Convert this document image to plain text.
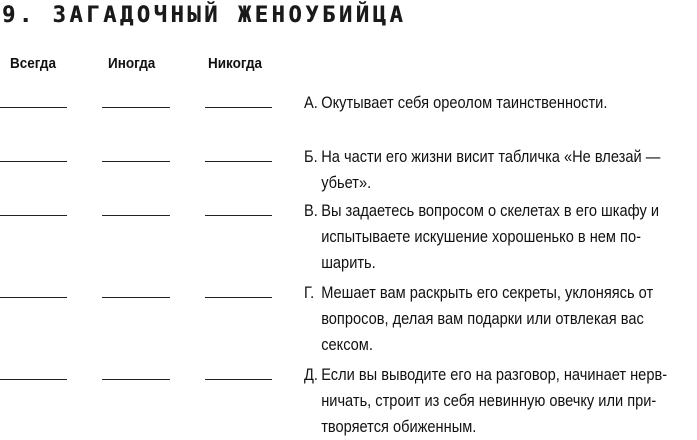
9. ЗАГАДОЧНЫЙ ЖЕНОУБИЙЦА
Всегда	Иногда	Никогда
А. Окутывает себя ореолом таинственности.
Б. На части его жизни висит табличка «Не влезай —
убьет».
В. Вы задаетесь вопросом о скелетах в его шкафу и
испытываете искушение хорошенько в нем по-
шарить.
Г. Мешает вам раскрыть его секреты, уклоняясь от
вопросов, делая вам подарки или отвлекая вас
сексом.
Д. Если вы выводите его на разговор, начинает нерв-
ничать, строит из себя невинную овечку или при-
творяется обиженным.
